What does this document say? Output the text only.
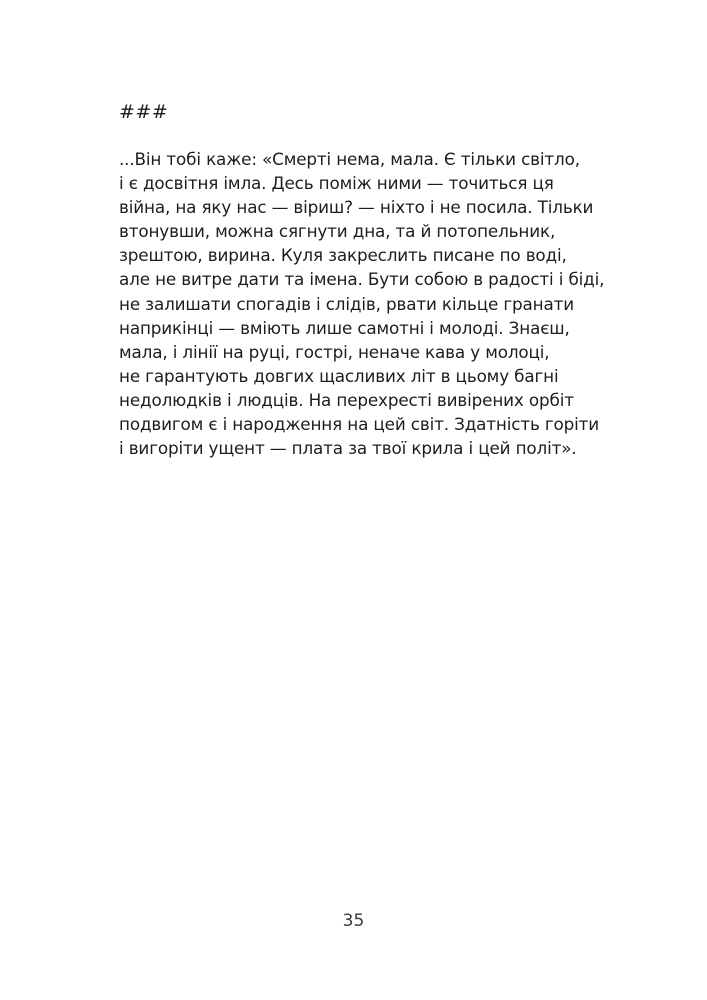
###

...Він тобі каже: «Смерті нема, мала. Є тільки світло,
і є досвітня імла. Десь поміж ними — точиться ця
війна, на яку нас — віриш? — ніхто і не посила. Тільки
втонувши, можна сягнути дна, та й потопельник,
зрештою, вирина. Куля закреслить писане по воді,
але не витре дати та імена. Бути собою в радості і біді,
не залишати спогадів і слідів, рвати кільце гранати
наприкінці — вміють лише самотні і молоді. Знаєш,
мала, і лінії на руці, гострі, неначе кава у молоці,
не гарантують довгих щасливих літ в цьому багні
недолюдків і людців. На перехресті вивірених орбіт
подвигом є і народження на цей світ. Здатність горіти
і вигоріти ущент — плата за твої крила і цей політ».

35
